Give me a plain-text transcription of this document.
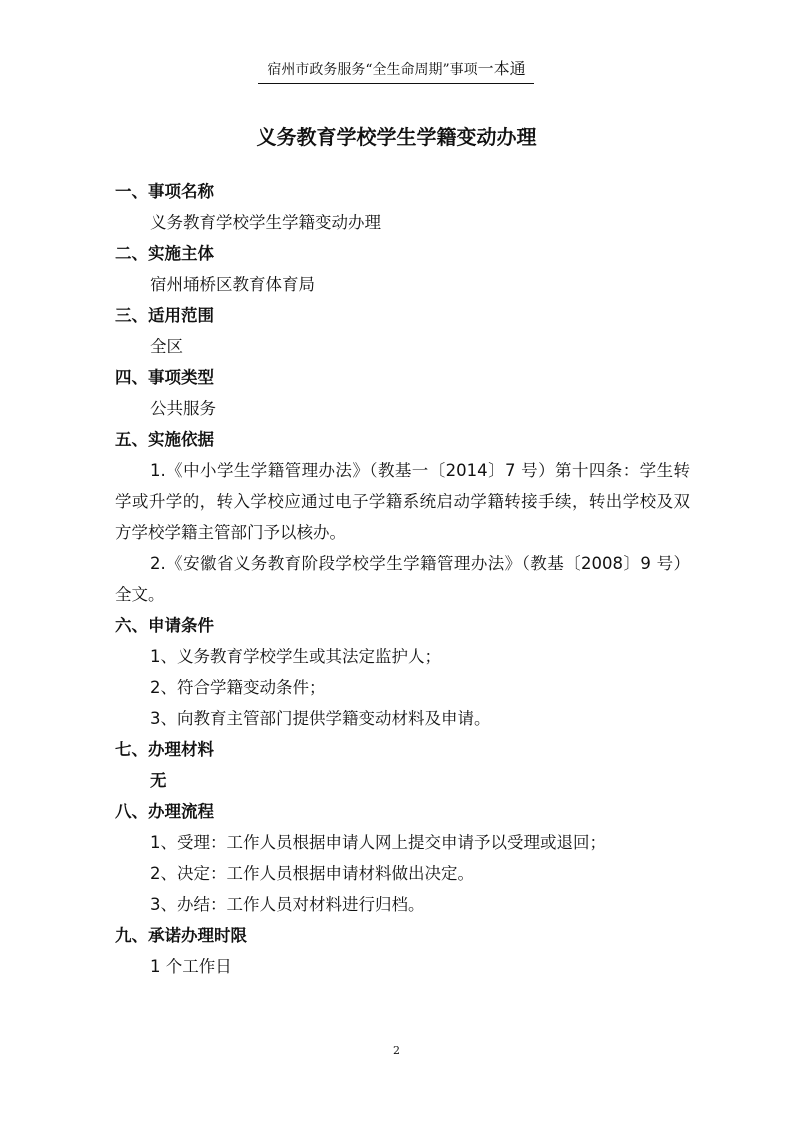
宿州市政务服务“全生命周期”事项一本通
义务教育学校学生学籍变动办理
一、事项名称
义务教育学校学生学籍变动办理
二、实施主体
宿州埇桥区教育体育局
三、适用范围
全区
四、事项类型
公共服务
五、实施依据
1.《中小学生学籍管理办法》（教基一〔2014〕7 号）第十四条：学生转学或升学的，转入学校应通过电子学籍系统启动学籍转接手续，转出学校及双方学校学籍主管部门予以核办。
2.《安徽省义务教育阶段学校学生学籍管理办法》（教基〔2008〕9 号）全文。
六、申请条件
1、义务教育学校学生或其法定监护人；
2、符合学籍变动条件；
3、向教育主管部门提供学籍变动材料及申请。
七、办理材料
无
八、办理流程
1、受理：工作人员根据申请人网上提交申请予以受理或退回；
2、决定：工作人员根据申请材料做出决定。
3、办结：工作人员对材料进行归档。
九、承诺办理时限
1 个工作日
2
